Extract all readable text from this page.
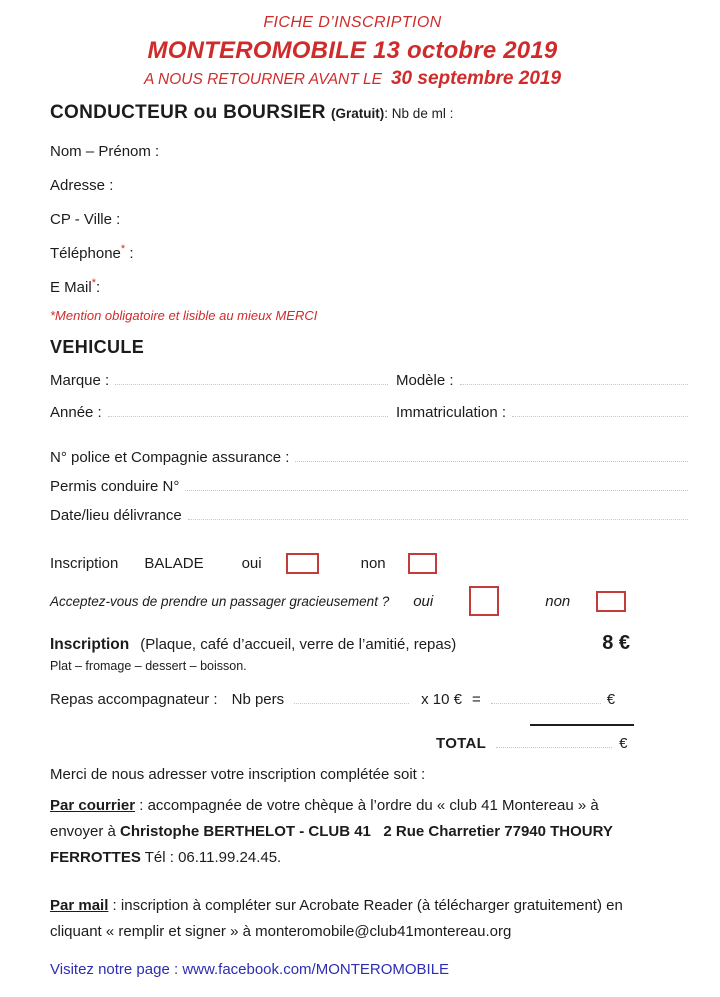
FICHE D’INSCRIPTION
MONTEROMOBILE 13 octobre 2019
A NOUS RETOURNER AVANT LE 30 septembre 2019
CONDUCTEUR ou BOURSIER (Gratuit): Nb de ml :
Nom – Prénom :
Adresse :
CP - Ville :
Téléphone* :
E Mail*:
*Mention obligatoire et lisible au mieux MERCI
VEHICULE
Marque :	Modèle :
Année :	Immatriculation :
N° police et Compagnie assurance :
Permis conduire N°
Date/lieu délivrance
Inscription BALADE	oui	non
Acceptez-vous de prendre un passager gracieusement ? oui	non
Inscription (Plaque, café d’accueil, verre de l’amitié, repas)	8 €
Plat – fromage – dessert – boisson.
Repas accompagnateur : Nb pers	x 10 € =	€
TOTAL	€
Merci de nous adresser votre inscription complétée soit :
Par courrier : accompagnée de votre chèque à l’ordre du « club 41 Montereau » à envoyer à Christophe BERTHELOT - CLUB 41   2 Rue Charretier 77940 THOURY FERROTTES Tél : 06.11.99.24.45.
Par mail : inscription à compléter sur Acrobate Reader (à télécharger gratuitement) en cliquant « remplir et signer » à monteromobile@club41montereau.org
Visitez notre page : www.facebook.com/MONTEROMOBILE
